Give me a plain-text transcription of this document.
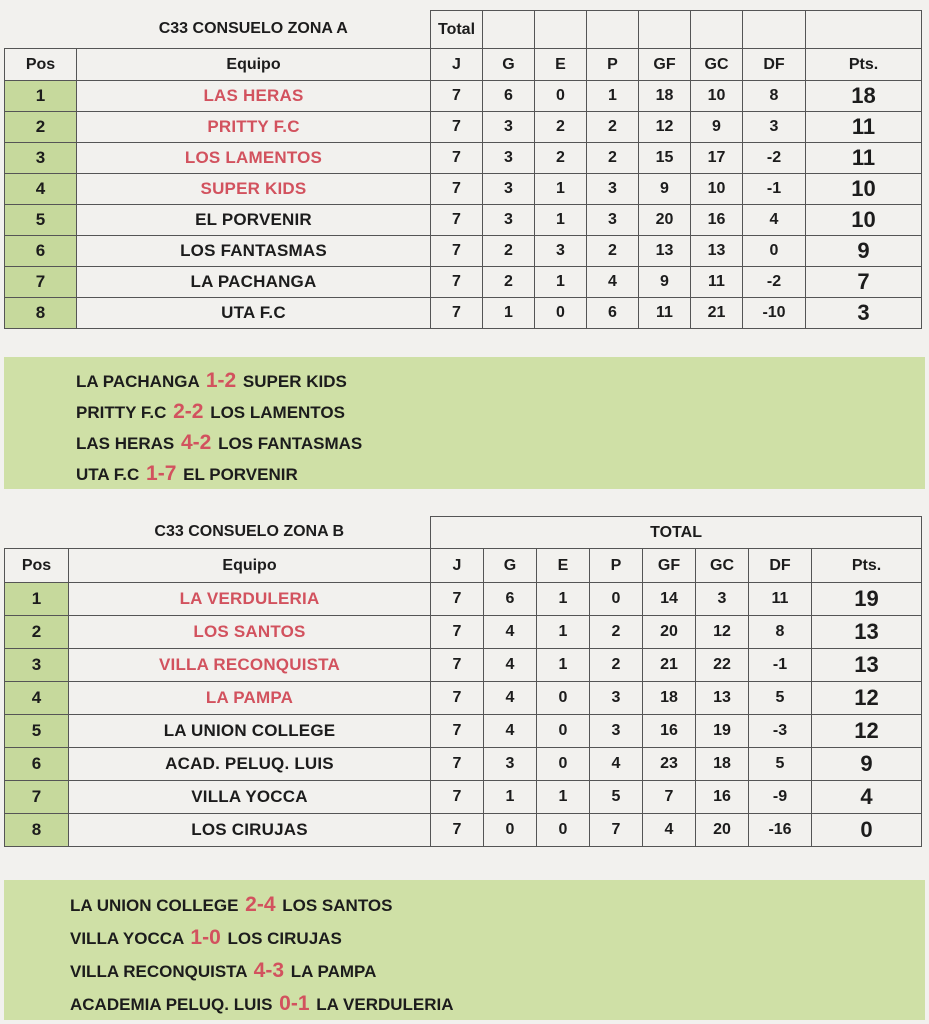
	C33 CONSUELO ZONA A	Total							
Pos	Equipo	J	G	E	P	GF	GC	DF	Pts.
1	LAS HERAS	7	6	0	1	18	10	8	18
2	PRITTY F.C	7	3	2	2	12	9	3	11
3	LOS LAMENTOS	7	3	2	2	15	17	-2	11
4	SUPER KIDS	7	3	1	3	9	10	-1	10
5	EL PORVENIR	7	3	1	3	20	16	4	10
6	LOS FANTASMAS	7	2	3	2	13	13	0	9
7	LA PACHANGA	7	2	1	4	9	11	-2	7
8	UTA F.C	7	1	0	6	11	21	-10	3
LA PACHANGA 1-2 SUPER KIDS
PRITTY F.C 2-2 LOS LAMENTOS
LAS HERAS 4-2 LOS FANTASMAS
UTA F.C 1-7 EL PORVENIR
	C33 CONSUELO ZONA B	TOTAL							
Pos	Equipo	J	G	E	P	GF	GC	DF	Pts.
1	LA VERDULERIA	7	6	1	0	14	3	11	19
2	LOS SANTOS	7	4	1	2	20	12	8	13
3	VILLA RECONQUISTA	7	4	1	2	21	22	-1	13
4	LA PAMPA	7	4	0	3	18	13	5	12
5	LA UNION COLLEGE	7	4	0	3	16	19	-3	12
6	ACAD. PELUQ. LUIS	7	3	0	4	23	18	5	9
7	VILLA YOCCA	7	1	1	5	7	16	-9	4
8	LOS CIRUJAS	7	0	0	7	4	20	-16	0
LA UNION COLLEGE 2-4 LOS SANTOS
VILLA YOCCA 1-0 LOS CIRUJAS
VILLA RECONQUISTA 4-3 LA PAMPA
ACADEMIA PELUQ. LUIS 0-1 LA VERDULERIA
